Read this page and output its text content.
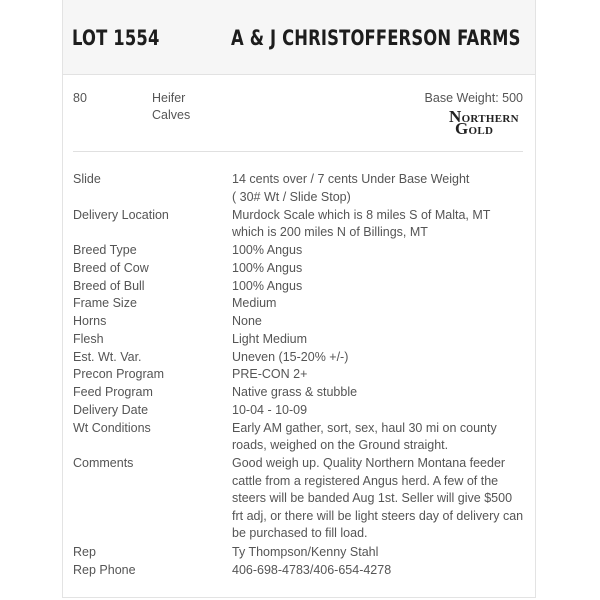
LOT 1554	A & J CHRISTOFFERSON FARMS
80	Heifer
Calves
Base Weight: 500
NORTHERN
GOLD
Slide	14 cents over / 7 cents Under Base Weight
( 30# Wt / Slide Stop)
Delivery Location	Murdock Scale which is 8 miles S of Malta, MT
which is 200 miles N of Billings, MT
Breed Type	100% Angus
Breed of Cow	100% Angus
Breed of Bull	100% Angus
Frame Size	Medium
Horns	None
Flesh	Light Medium
Est. Wt. Var.	Uneven (15-20% +/-)
Precon Program	PRE-CON 2+
Feed Program	Native grass & stubble
Delivery Date	10-04 - 10-09
Wt Conditions	Early AM gather, sort, sex, haul 30 mi on county
roads, weighed on the Ground straight.
Comments	Good weigh up. Quality Northern Montana feeder
cattle from a registered Angus herd. A few of the
steers will be banded Aug 1st. Seller will give $500
frt adj, or there will be light steers day of delivery can
be purchased to fill load.
Rep	Ty Thompson/Kenny Stahl
Rep Phone	406-698-4783/406-654-4278
